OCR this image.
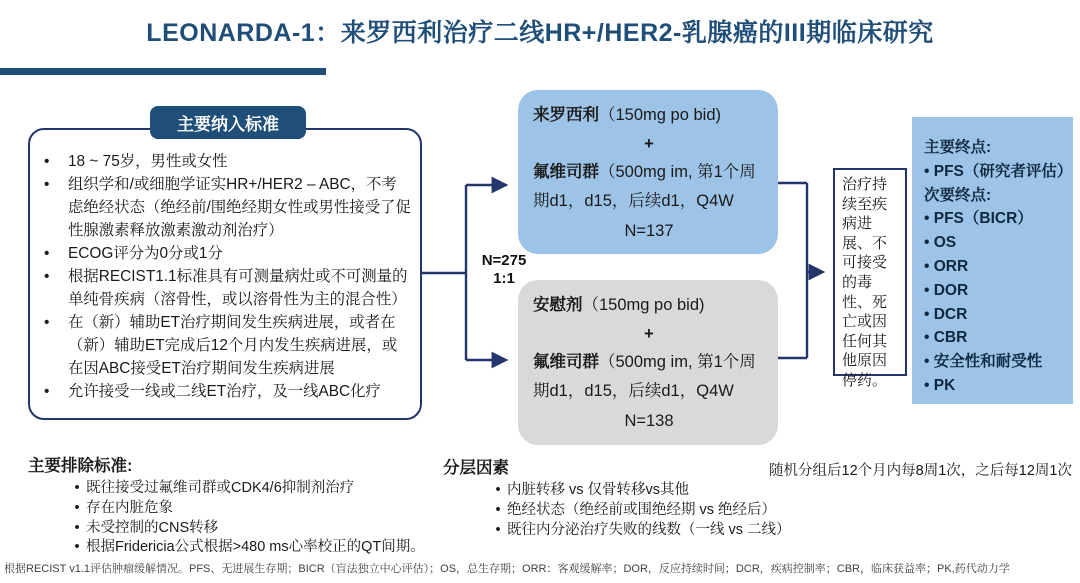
LEONARDA-1：来罗西利治疗二线HR+/HER2-乳腺癌的III期临床研究
主要纳入标准
•	18 ~ 75岁，男性或女性
•	组织学和/或细胞学证实HR+/HER2 – ABC，不考虑绝经状态（绝经前/围绝经期女性或男性接受了促性腺激素释放激素激动剂治疗）
•	ECOG评分为0分或1分
•	根据RECIST1.1标准具有可测量病灶或不可测量的单纯骨疾病（溶骨性，或以溶骨性为主的混合性）
•	在（新）辅助ET治疗期间发生疾病进展，或者在（新）辅助ET完成后12个月内发生疾病进展，或在因ABC接受ET治疗期间发生疾病进展
•	允许接受一线或二线ET治疗，及一线ABC化疗
N=275
1:1
来罗西利（150mg po bid)
+
氟维司群（500mg im, 第1个周期d1，d15，后续d1，Q4W
N=137
安慰剂（150mg po bid)
+
氟维司群（500mg im, 第1个周期d1，d15，后续d1，Q4W
N=138
治疗持续至疾病进展、不可接受的毒性、死亡或因任何其他原因停药。
主要终点:
• PFS（研究者评估）
次要终点:
• PFS（BICR）
• OS
• ORR
• DOR
• DCR
• CBR
• 安全性和耐受性
• PK
主要排除标准:
• 既往接受过氟维司群或CDK4/6抑制剂治疗
• 存在内脏危象
• 未受控制的CNS转移
• 根据Fridericia公式根据>480 ms心率校正的QT间期。
分层因素
• 内脏转移 vs 仅骨转移vs其他
• 绝经状态（绝经前或围绝经期 vs 绝经后）
• 既往内分泌治疗失败的线数（一线 vs 二线）
随机分组后12个月内每8周1次，之后每12周1次
根据RECIST v1.1评估肿瘤缓解情况。PFS、无进展生存期；BICR（盲法独立中心评估）；OS，总生存期；ORR：客观缓解率；DOR，反应持续时间；DCR，疾病控制率；CBR，临床获益率；PK,药代动力学
